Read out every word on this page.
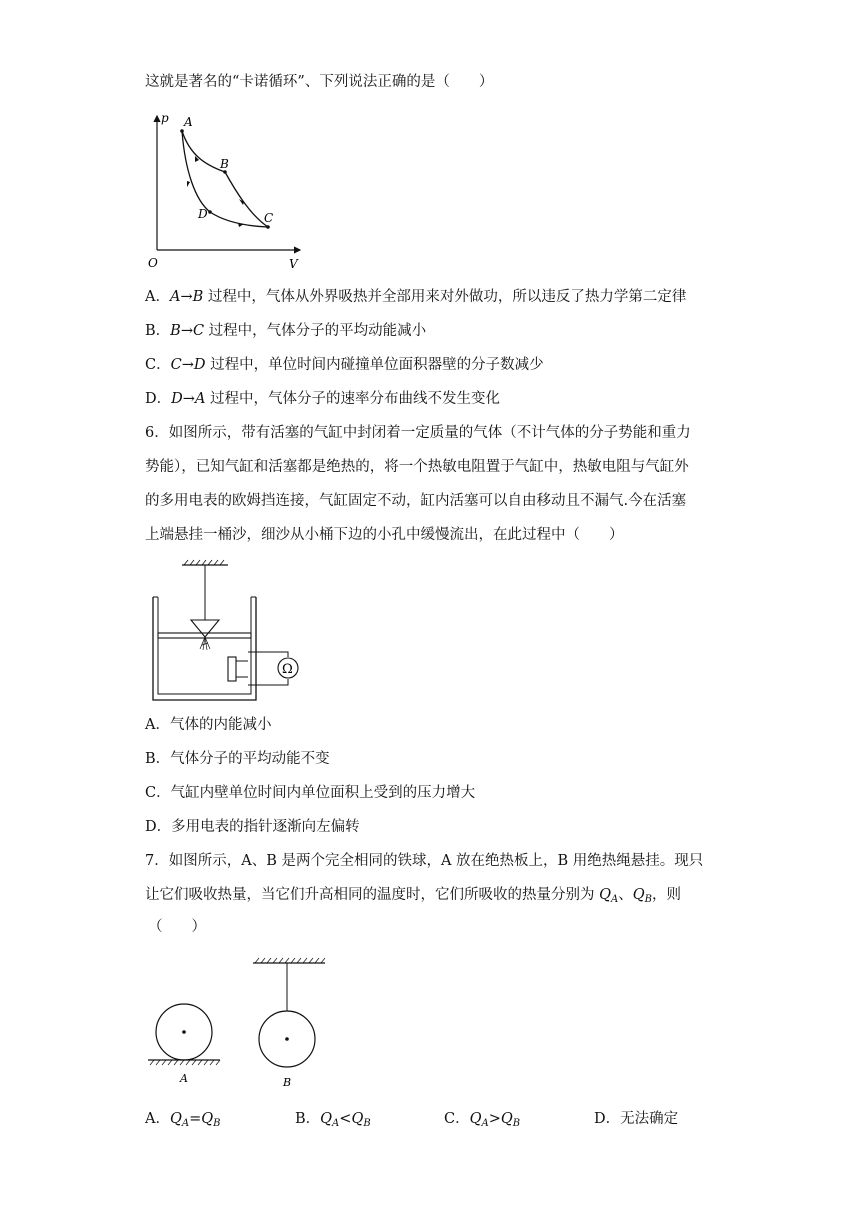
这就是著名的“卡诺循环”、下列说法正确的是（　　）
p
V
O
A
B
C
D
A．A→B 过程中，气体从外界吸热并全部用来对外做功，所以违反了热力学第二定律
B．B→C 过程中，气体分子的平均动能减小
C．C→D 过程中，单位时间内碰撞单位面积器壁的分子数减少
D．D→A 过程中，气体分子的速率分布曲线不发生变化
6．如图所示，带有活塞的气缸中封闭着一定质量的气体（不计气体的分子势能和重力
势能），已知气缸和活塞都是绝热的，将一个热敏电阻置于气缸中，热敏电阻与气缸外
的多用电表的欧姆挡连接，气缸固定不动，缸内活塞可以自由移动且不漏气.今在活塞
上端悬挂一桶沙，细沙从小桶下边的小孔中缓慢流出，在此过程中（　　）
Ω
A．气体的内能减小
B．气体分子的平均动能不变
C．气缸内壁单位时间内单位面积上受到的压力增大
D．多用电表的指针逐渐向左偏转
7．如图所示，A、B 是两个完全相同的铁球，A 放在绝热板上，B 用绝热绳悬挂。现只
让它们吸收热量，当它们升高相同的温度时，它们所吸收的热量分别为 $Q_A$、$Q_B$，则
（　　）
A	B
A．$Q_A=Q_B$	B．$Q_A<Q_B$	C．$Q_A>Q_B$	D．无法确定
